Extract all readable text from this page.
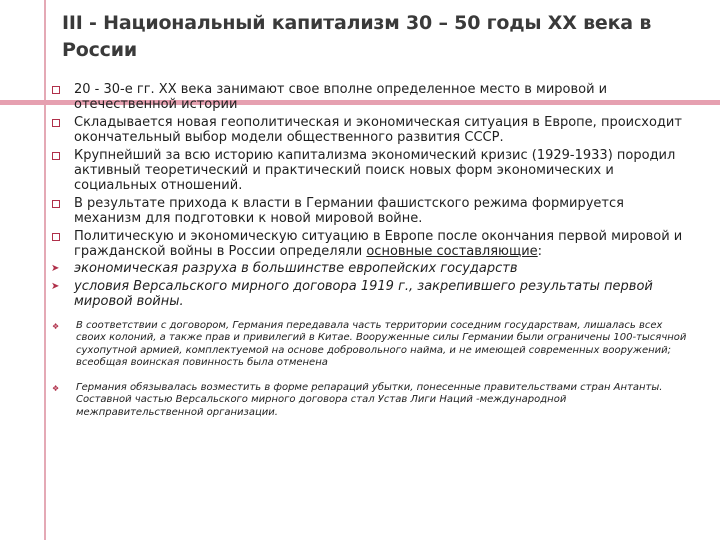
III - Национальный капитализм 30 – 50 годы XX века в России
20 - 30-е гг. XX века занимают свое вполне определенное место в мировой и отечественной истории
Складывается новая геополитическая и экономическая ситуация в Европе, происходит окончательный выбор модели общественного развития СССР.
Крупнейший за всю историю капитализма экономический кризис (1929-1933) породил активный теоретический и практический поиск новых форм экономических и социальных отношений.
В результате прихода к власти в Германии фашистского режима формируется механизм для подготовки к новой мировой войне.
Политическую и экономическую ситуацию в Европе после окончания первой мировой и гражданской войны в России определяли основные составляющие:
➤ экономическая разруха в большинстве европейских государств
➤ условия Версальского мирного договора 1919 г., закрепившего результаты первой мировой войны.
❖ В соответствии с договором, Германия передавала часть территории соседним государствам, лишалась всех своих колоний, а также прав и привилегий в Китае. Вооруженные силы Германии были ограничены 100-тысячной сухопутной армией, комплектуемой на основе добровольного найма, и не имеющей современных вооружений; всеобщая воинская повинность была отменена
❖ Германия обязывалась возместить в форме репараций убытки, понесенные правительствами стран Антанты. Составной частью Версальского мирного договора стал Устав Лиги Наций -международной межправительственной организации.
